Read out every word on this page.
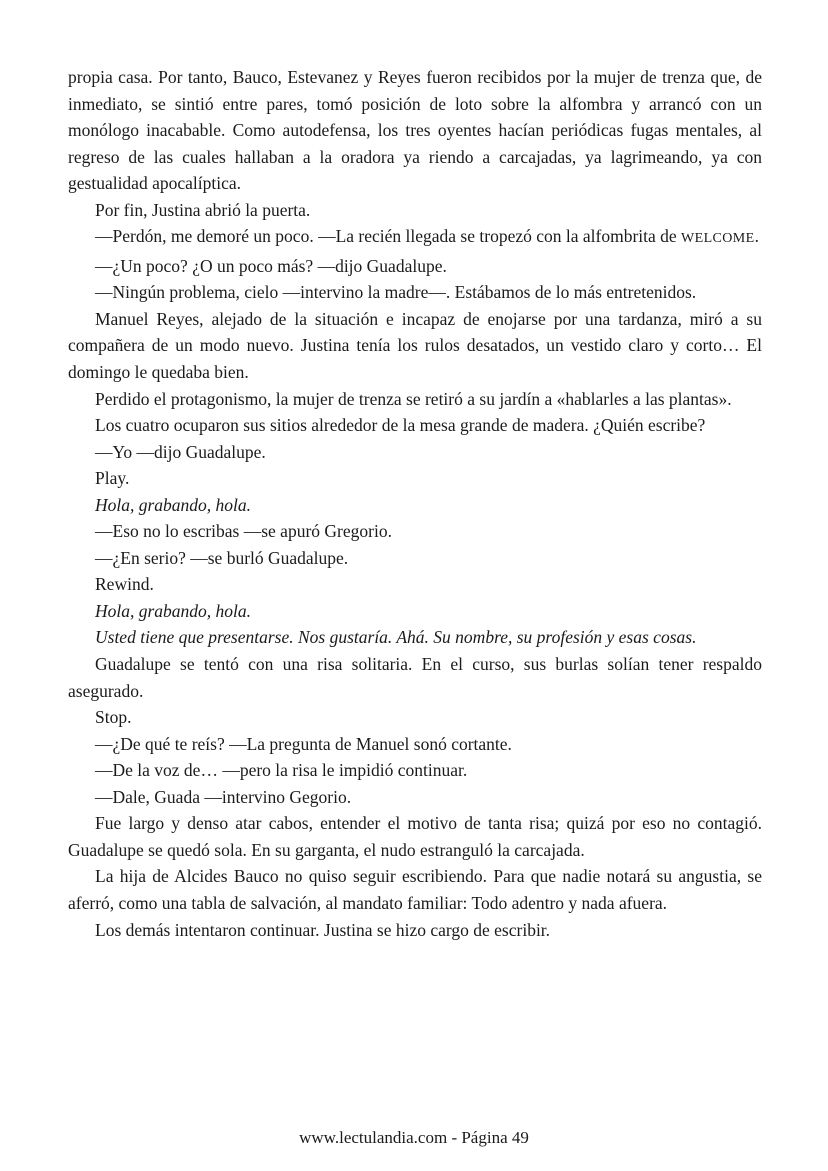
propia casa. Por tanto, Bauco, Estevanez y Reyes fueron recibidos por la mujer de trenza que, de inmediato, se sintió entre pares, tomó posición de loto sobre la alfombra y arrancó con un monólogo inacabable. Como autodefensa, los tres oyentes hacían periódicas fugas mentales, al regreso de las cuales hallaban a la oradora ya riendo a carcajadas, ya lagrimeando, ya con gestualidad apocalíptica.

Por fin, Justina abrió la puerta.

—Perdón, me demoré un poco. —La recién llegada se tropezó con la alfombrita de WELCOME.

—¿Un poco? ¿O un poco más? —dijo Guadalupe.

—Ningún problema, cielo —intervino la madre—. Estábamos de lo más entretenidos.

Manuel Reyes, alejado de la situación e incapaz de enojarse por una tardanza, miró a su compañera de un modo nuevo. Justina tenía los rulos desatados, un vestido claro y corto… El domingo le quedaba bien.

Perdido el protagonismo, la mujer de trenza se retiró a su jardín a «hablarles a las plantas».

Los cuatro ocuparon sus sitios alrededor de la mesa grande de madera. ¿Quién escribe?

—Yo —dijo Guadalupe.

Play.

Hola, grabando, hola.

—Eso no lo escribas —se apuró Gregorio.

—¿En serio? —se burló Guadalupe.

Rewind.

Hola, grabando, hola.

Usted tiene que presentarse. Nos gustaría. Ahá. Su nombre, su profesión y esas cosas.

Guadalupe se tentó con una risa solitaria. En el curso, sus burlas solían tener respaldo asegurado.

Stop.

—¿De qué te reís? —La pregunta de Manuel sonó cortante.

—De la voz de… —pero la risa le impidió continuar.

—Dale, Guada —intervino Gegorio.

Fue largo y denso atar cabos, entender el motivo de tanta risa; quizá por eso no contagió. Guadalupe se quedó sola. En su garganta, el nudo estranguló la carcajada.

La hija de Alcides Bauco no quiso seguir escribiendo. Para que nadie notará su angustia, se aferró, como una tabla de salvación, al mandato familiar: Todo adentro y nada afuera.

Los demás intentaron continuar. Justina se hizo cargo de escribir.

www.lectulandia.com - Página 49
